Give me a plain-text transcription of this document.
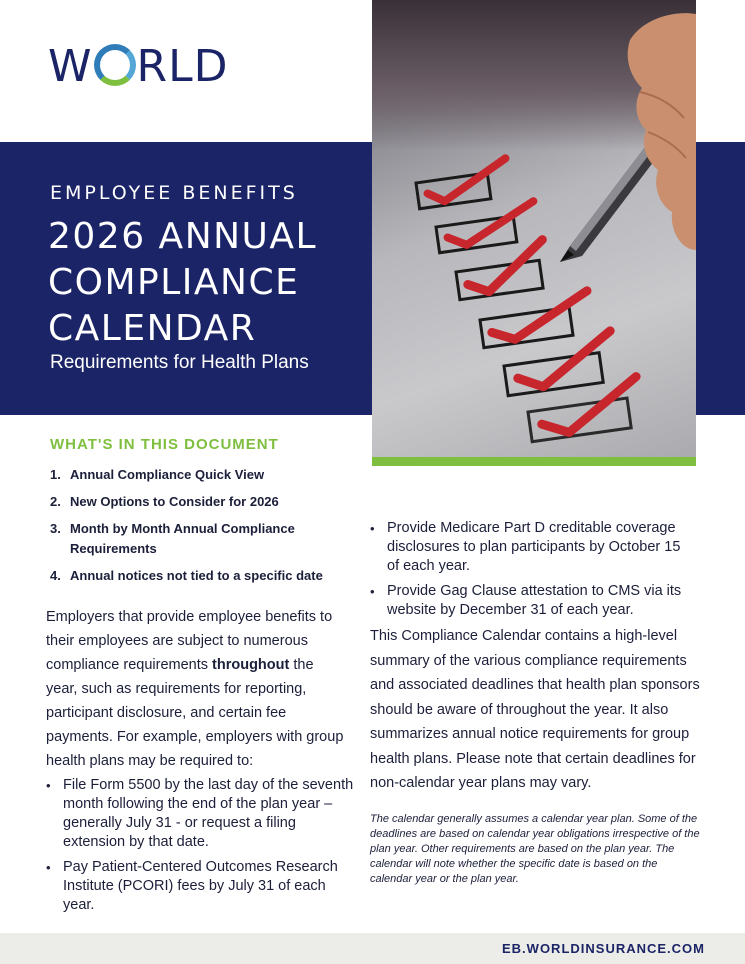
W RLD
EMPLOYEE BENEFITS
2026 ANNUAL COMPLIANCE CALENDAR
Requirements for Health Plans
WHAT'S IN THIS DOCUMENT
1. Annual Compliance Quick View
2. New Options to Consider for 2026
3. Month by Month Annual Compliance Requirements
4. Annual notices not tied to a specific date

Employers that provide employee benefits to their employees are subject to numerous compliance requirements throughout the year, such as requirements for reporting, participant disclosure, and certain fee payments. For example, employers with group health plans may be required to:

• File Form 5500 by the last day of the seventh month following the end of the plan year – generally July 31 - or request a filing extension by that date.
• Pay Patient-Centered Outcomes Research Institute (PCORI) fees by July 31 of each year.
• Provide Medicare Part D creditable coverage disclosures to plan participants by October 15 of each year.
• Provide Gag Clause attestation to CMS via its website by December 31 of each year.

This Compliance Calendar contains a high-level summary of the various compliance requirements and associated deadlines that health plan sponsors should be aware of throughout the year. It also summarizes annual notice requirements for group health plans. Please note that certain deadlines for non-calendar year plans may vary.

The calendar generally assumes a calendar year plan. Some of the deadlines are based on calendar year obligations irrespective of the plan year. Other requirements are based on the plan year. The calendar will note whether the specific date is based on the calendar year or the plan year.

EB.WORLDINSURANCE.COM
